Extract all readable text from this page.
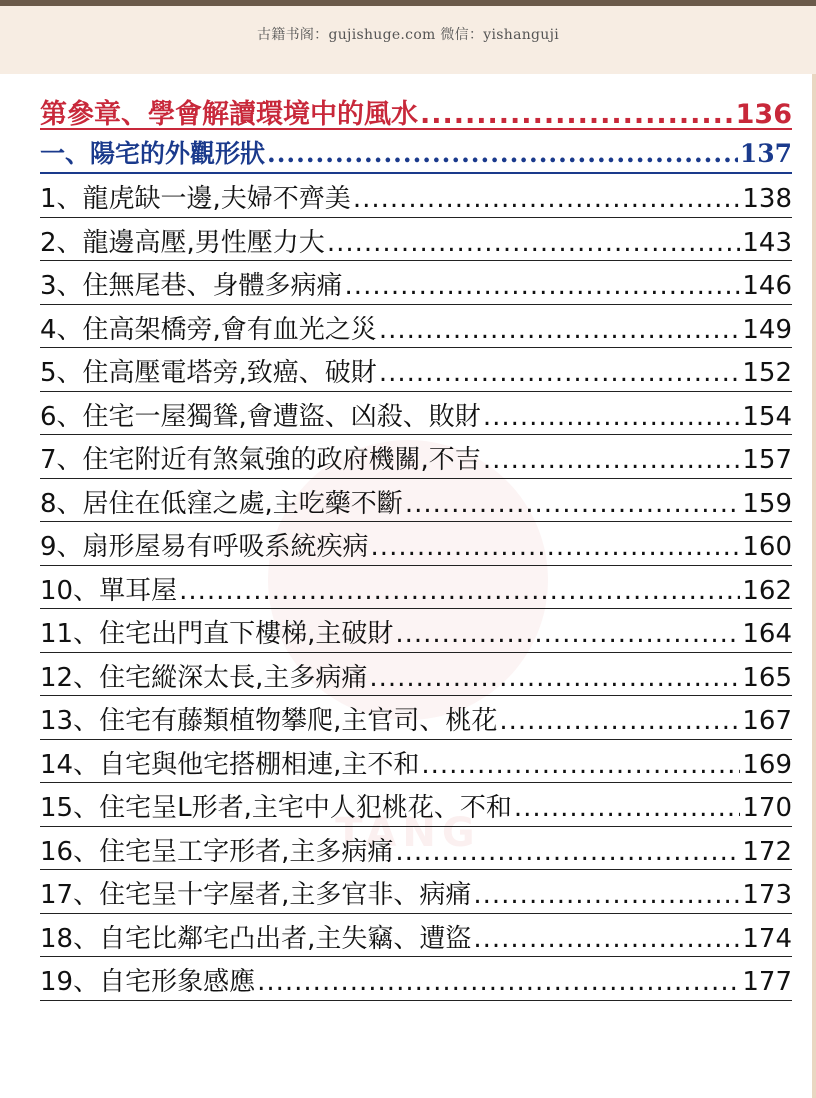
古籍书阁：gujishuge.com 微信：yishanguji
TANG
第參章、學會解讀環境中的風水 .....	136
一、陽宅的外觀形狀 .....	137
1、龍虎缺一邊,夫婦不齊美 .....	138
2、龍邊高壓,男性壓力大 .....	143
3、住無尾巷、身體多病痛 .....	146
4、住高架橋旁,會有血光之災 .....	149
5、住高壓電塔旁,致癌、破財 .....	152
6、住宅一屋獨聳,會遭盜、凶殺、敗財 .....	154
7、住宅附近有煞氣強的政府機關,不吉 .....	157
8、居住在低窪之處,主吃藥不斷 .....	159
9、扇形屋易有呼吸系統疾病 .....	160
10、單耳屋 .....	162
11、住宅出門直下樓梯,主破財 .....	164
12、住宅縱深太長,主多病痛 .....	165
13、住宅有藤類植物攀爬,主官司、桃花 .....	167
14、自宅與他宅搭棚相連,主不和 .....	169
15、住宅呈L形者,主宅中人犯桃花、不和 .....	170
16、住宅呈工字形者,主多病痛 .....	172
17、住宅呈十字屋者,主多官非、病痛 .....	173
18、自宅比鄰宅凸出者,主失竊、遭盜 .....	174
19、自宅形象感應 .....	177
